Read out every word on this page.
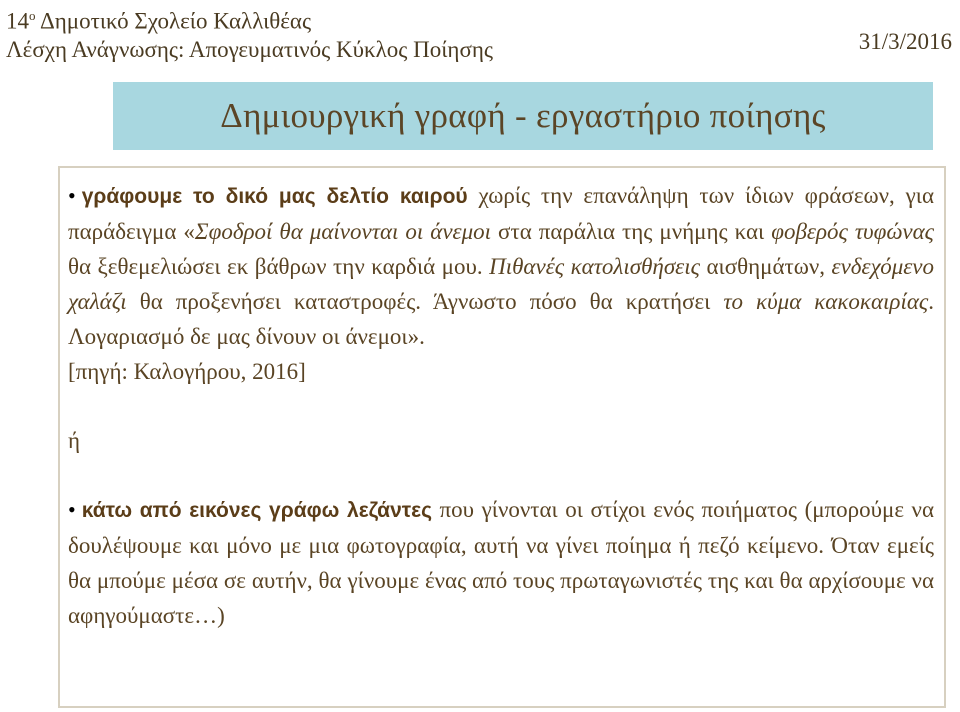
$14^o$ Δημοτικό Σχολείο Καλλιθέας
Λέσχη Ανάγνωσης: Απογευματινός Κύκλος Ποίησης	31/3/2016
Δημιουργική γραφή - εργαστήριο ποίησης

• γράφουμε το δικό μας δελτίο καιρού χωρίς την επανάληψη των ίδιων φράσεων, για παράδειγμα «Σφοδροί θα μαίνονται οι άνεμοι στα παράλια της μνήμης και φοβερός τυφώνας θα ξεθεμελιώσει εκ βάθρων την καρδιά μου. Πιθανές κατολισθήσεις αισθημάτων, ενδεχόμενο χαλάζι θα προξενήσει καταστροφές. Άγνωστο πόσο θα κρατήσει το κύμα κακοκαιρίας. Λογαριασμό δε μας δίνουν οι άνεμοι».

[πηγή: Καλογήρου, 2016]

ή

• κάτω από εικόνες γράφω λεζάντες που γίνονται οι στίχοι ενός ποιήματος (μπορούμε να δουλέψουμε και μόνο με μια φωτογραφία, αυτή να γίνει ποίημα ή πεζό κείμενο. Όταν εμείς θα μπούμε μέσα σε αυτήν, θα γίνουμε ένας από τους πρωταγωνιστές της και θα αρχίσουμε να αφηγούμαστε…)
